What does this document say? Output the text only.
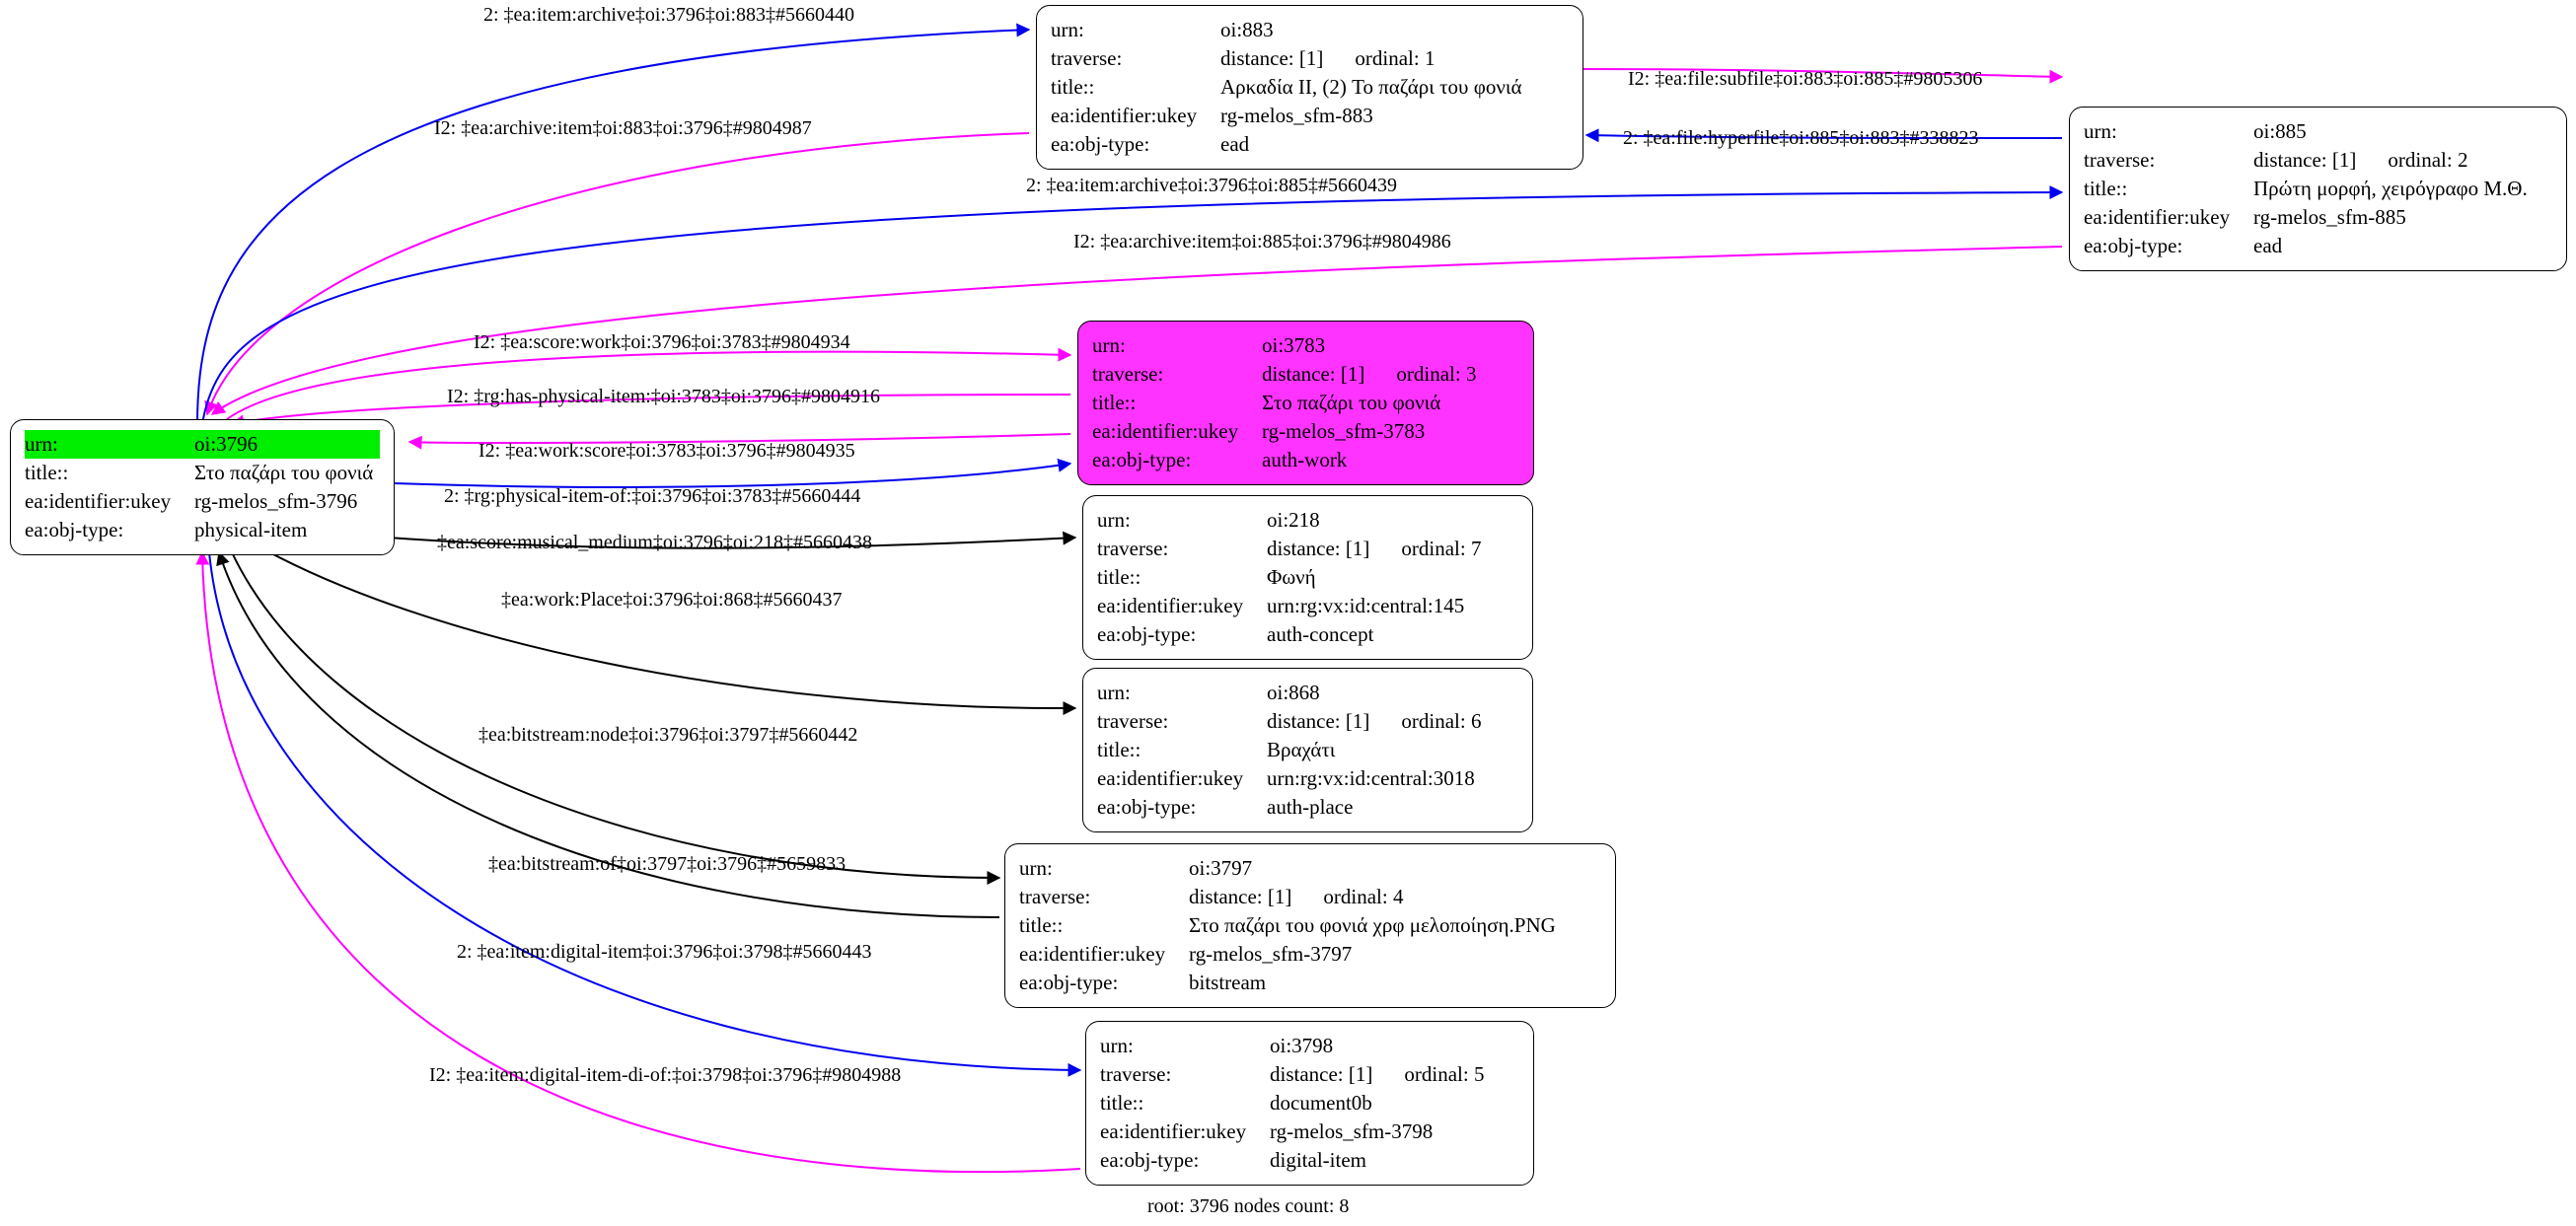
urn:	oi:3796
title::	Στο παζάρι του φονιά
ea:identifier:ukey	rg-melos_sfm-3796
ea:obj-type:	physical-item
urn:	oi:883
traverse:	distance: [1] ordinal: 1
title::	Αρκαδία II, (2) Το παζάρι του φονιά
ea:identifier:ukey	rg-melos_sfm-883
ea:obj-type:	ead
urn:	oi:885
traverse:	distance: [1] ordinal: 2
title::	Πρώτη μορφή, χειρόγραφο Μ.Θ.
ea:identifier:ukey	rg-melos_sfm-885
ea:obj-type:	ead
urn:	oi:3783
traverse:	distance: [1] ordinal: 3
title::	Στο παζάρι του φονιά
ea:identifier:ukey	rg-melos_sfm-3783
ea:obj-type:	auth-work
urn:	oi:218
traverse:	distance: [1] ordinal: 7
title::	Φωνή
ea:identifier:ukey	urn:rg:vx:id:central:145
ea:obj-type:	auth-concept
urn:	oi:868
traverse:	distance: [1] ordinal: 6
title::	Βραχάτι
ea:identifier:ukey	urn:rg:vx:id:central:3018
ea:obj-type:	auth-place
urn:	oi:3797
traverse:	distance: [1] ordinal: 4
title::	Στο παζάρι του φονιά χρφ μελοποίηση.PNG
ea:identifier:ukey	rg-melos_sfm-3797
ea:obj-type:	bitstream
urn:	oi:3798
traverse:	distance: [1] ordinal: 5
title::	document0b
ea:identifier:ukey	rg-melos_sfm-3798
ea:obj-type:	digital-item
2: ‡ea:item:archive‡oi:3796‡oi:883‡#5660440
I2: ‡ea:archive:item‡oi:883‡oi:3796‡#9804987
I2: ‡ea:file:subfile‡oi:883‡oi:885‡#9805306
2: ‡ea:file:hyperfile‡oi:885‡oi:883‡#338823
2: ‡ea:item:archive‡oi:3796‡oi:885‡#5660439
I2: ‡ea:archive:item‡oi:885‡oi:3796‡#9804986
I2: ‡ea:score:work‡oi:3796‡oi:3783‡#9804934
I2: ‡rg:has-physical-item:‡oi:3783‡oi:3796‡#9804916
I2: ‡ea:work:score‡oi:3783‡oi:3796‡#9804935
2: ‡rg:physical-item-of:‡oi:3796‡oi:3783‡#5660444
‡ea:score:musical_medium‡oi:3796‡oi:218‡#5660438
‡ea:work:Place‡oi:3796‡oi:868‡#5660437
‡ea:bitstream:node‡oi:3796‡oi:3797‡#5660442
‡ea:bitstream:of‡oi:3797‡oi:3796‡#5659833
2: ‡ea:item:digital-item‡oi:3796‡oi:3798‡#5660443
I2: ‡ea:item:digital-item-di-of:‡oi:3798‡oi:3796‡#9804988
root: 3796 nodes count: 8
